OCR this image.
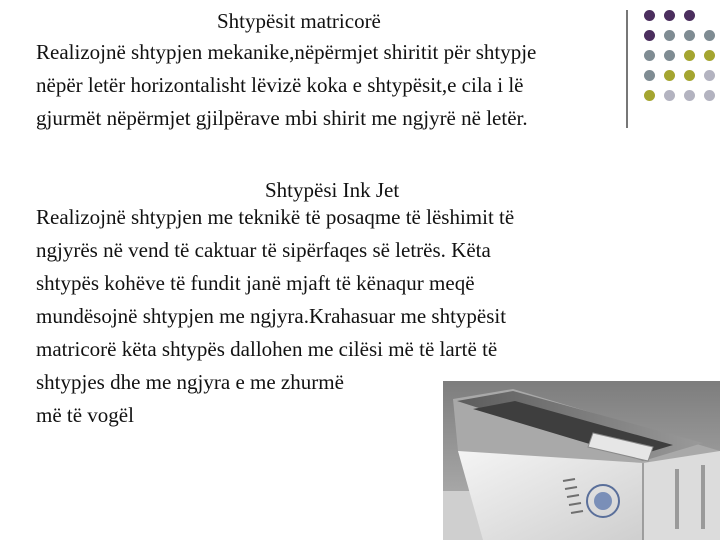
Shtypësit matricorë
Realizojnë shtypjen mekanike,nëpërmjet shiritit për shtypje
nëpër letër horizontalisht lëvizë koka e shtypësit,e cila i lë
gjurmët nëpërmjet gjilpërave mbi shirit me ngjyrë në letër.
Shtypësi Ink Jet
Realizojnë shtypjen me teknikë të posaqme të lëshimit të
ngjyrës në vend të caktuar të sipërfaqes së letrës. Këta
shtypës kohëve të fundit janë mjaft të kënaqur meqë
mundësojnë shtypjen me ngjyra.Krahasuar me shtypësit
matricorë këta shtypës dallohen me cilësi më të lartë të
shtypjes dhe me ngjyra e me zhurmë
më të vogël
